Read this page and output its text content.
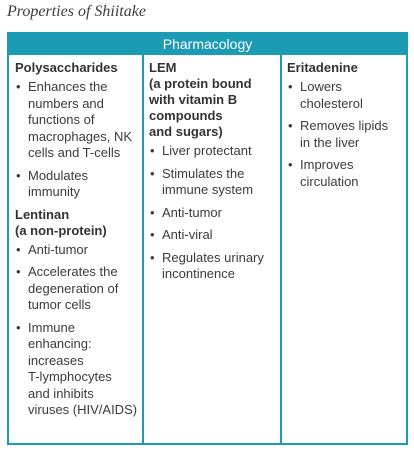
Properties of Shiitake
Pharmacology
Polysaccharides
• Enhances the
numbers and
functions of
macrophages, NK
cells and T-cells
• Modulates
immunity
Lentinan
(a non-protein)
• Anti-tumor
• Accelerates the
degeneration of
tumor cells
• Immune
enhancing:
increases
T-lymphocytes
and inhibits
viruses (HIV/AIDS)
LEM
(a protein bound
with vitamin B
compounds
and sugars)
• Liver protectant
• Stimulates the
immune system
• Anti-tumor
• Anti-viral
• Regulates urinary
incontinence
Eritadenine
• Lowers
cholesterol
• Removes lipids
in the liver
• Improves
circulation
